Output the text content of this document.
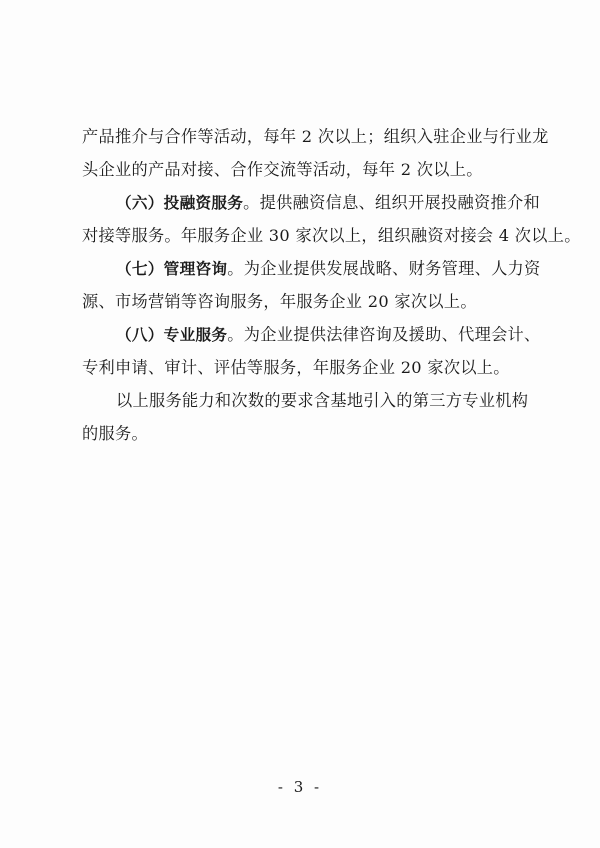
产品推介与合作等活动，每年 2 次以上；组织入驻企业与行业龙
头企业的产品对接、合作交流等活动，每年 2 次以上。
（六）投融资服务。提供融资信息、组织开展投融资推介和
对接等服务。年服务企业 30 家次以上，组织融资对接会 4 次以上。
（七）管理咨询。为企业提供发展战略、财务管理、人力资
源、市场营销等咨询服务，年服务企业 20 家次以上。
（八）专业服务。为企业提供法律咨询及援助、代理会计、
专利申请、审计、评估等服务，年服务企业 20 家次以上。
以上服务能力和次数的要求含基地引入的第三方专业机构
的服务。
- 3 -
